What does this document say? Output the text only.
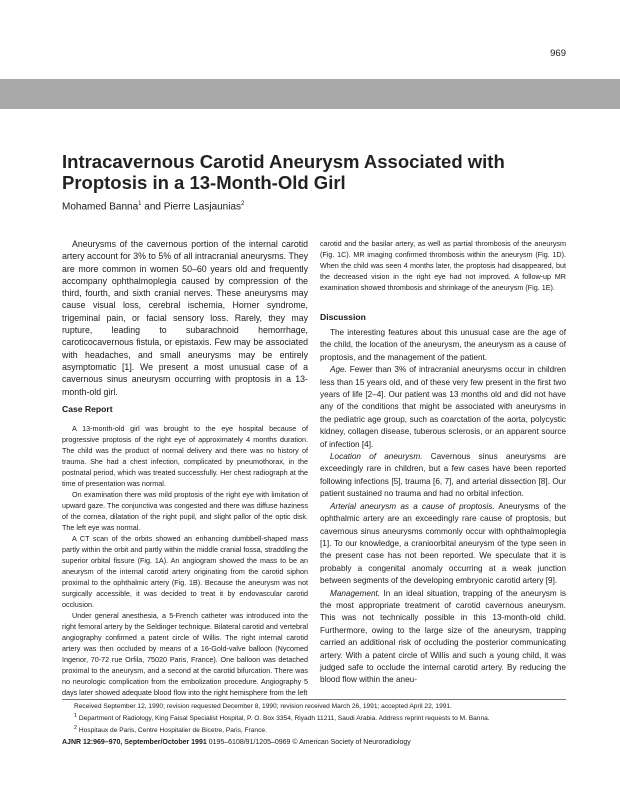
969
Intracavernous Carotid Aneurysm Associated with Proptosis in a 13-Month-Old Girl
Mohamed Banna$^1$ and Pierre Lasjaunias$^2$

Aneurysms of the cavernous portion of the internal carotid artery account for 3% to 5% of all intracranial aneurysms. They are more common in women 50–60 years old and frequently accompany ophthalmoplegia caused by compression of the third, fourth, and sixth cranial nerves. These aneurysms may cause visual loss, cerebral ischemia, Horner syndrome, trigeminal pain, or facial sensory loss. Rarely, they may rupture, leading to subarachnoid hemorrhage, caroticocavernous fistula, or epistaxis. Few may be associated with headaches, and small aneurysms may be entirely asymptomatic [1]. We present a most unusual case of a cavernous sinus aneurysm occurring with proptosis in a 13-month-old girl.

Case Report

A 13-month-old girl was brought to the eye hospital because of progressive proptosis of the right eye of approximately 4 months duration. The child was the product of normal delivery and there was no history of trauma. She had a chest infection, complicated by pneumothorax, in the postnatal period, which was treated successfully. Her chest radiograph at the time of presentation was normal.

On examination there was mild proptosis of the right eye with limitation of upward gaze. The conjunctiva was congested and there was diffuse haziness of the cornea, dilatation of the right pupil, and slight pallor of the optic disk. The left eye was normal.

A CT scan of the orbits showed an enhancing dumbbell-shaped mass partly within the orbit and partly within the middle cranial fossa, straddling the superior orbital fissure (Fig. 1A). An angiogram showed the mass to be an aneurysm of the internal carotid artery originating from the carotid siphon proximal to the ophthalmic artery (Fig. 1B). Because the aneurysm was not surgically accessible, it was decided to treat it by endovascular carotid occlusion.

Under general anesthesia, a 5-French catheter was introduced into the right femoral artery by the Seldinger technique. Bilateral carotid and vertebral angiography confirmed a patent circle of Willis. The right internal carotid artery was then occluded by means of a 16-Gold-valve balloon (Nycomed Ingenor, 70-72 rue Orfila, 75020 Paris, France). One balloon was detached proximal to the aneurysm, and a second at the carotid bifurcation. There was no neurologic complication from the embolization procedure. Angiography 5 days later showed adequate blood flow into the right hemisphere from the left

carotid and the basilar artery, as well as partial thrombosis of the aneurysm (Fig. 1C). MR imaging confirmed thrombosis within the aneurysm (Fig. 1D). When the child was seen 4 months later, the proptosis had disappeared, but the decreased vision in the right eye had not improved. A follow-up MR examination showed thrombosis and shrinkage of the aneurysm (Fig. 1E).

Discussion

The interesting features about this unusual case are the age of the child, the location of the aneurysm, the aneurysm as a cause of proptosis, and the management of the patient.

Age. Fewer than 3% of intracranial aneurysms occur in children less than 15 years old, and of these very few present in the first two years of life [2–4]. Our patient was 13 months old and did not have any of the conditions that might be associated with aneurysms in the pediatric age group, such as coarctation of the aorta, polycystic kidney, collagen disease, tuberous sclerosis, or an apparent source of infection [4].

Location of aneurysm. Cavernous sinus aneurysms are exceedingly rare in children, but a few cases have been reported following infections [5], trauma [6, 7], and arterial dissection [8]. Our patient sustained no trauma and had no orbital infection.

Arterial aneurysm as a cause of proptosis. Aneurysms of the ophthalmic artery are an exceedingly rare cause of proptosis, but cavernous sinus aneurysms commonly occur with ophthalmoplegia [1]. To our knowledge, a cranioorbital aneurysm of the type seen in the present case has not been reported. We speculate that it is probably a congenital anomaly occurring at a weak junction between segments of the developing embryonic carotid artery [9].

Management. In an ideal situation, trapping of the aneurysm is the most appropriate treatment of carotid cavernous aneurysm. This was not technically possible in this 13-month-old child. Furthermore, owing to the large size of the aneurysm, trapping carried an additional risk of occluding the posterior communicating artery. With a patent circle of Willis and such a young child, it was judged safe to occlude the internal carotid artery. By reducing the blood flow within the aneu-

Received September 12, 1990; revision requested December 8, 1990; revision received March 26, 1991; accepted April 22, 1991.

$^1$ Department of Radiology, King Faisal Specialist Hospital, P. O. Box 3354, Riyadh 11211, Saudi Arabia. Address reprint requests to M. Banna.

$^2$ Hospitaux de Paris, Centre Hospitalier de Bicetre, Paris, France.

AJNR 12:969–970, September/October 1991 0195–6108/91/1205–0969 © American Society of Neuroradiology
